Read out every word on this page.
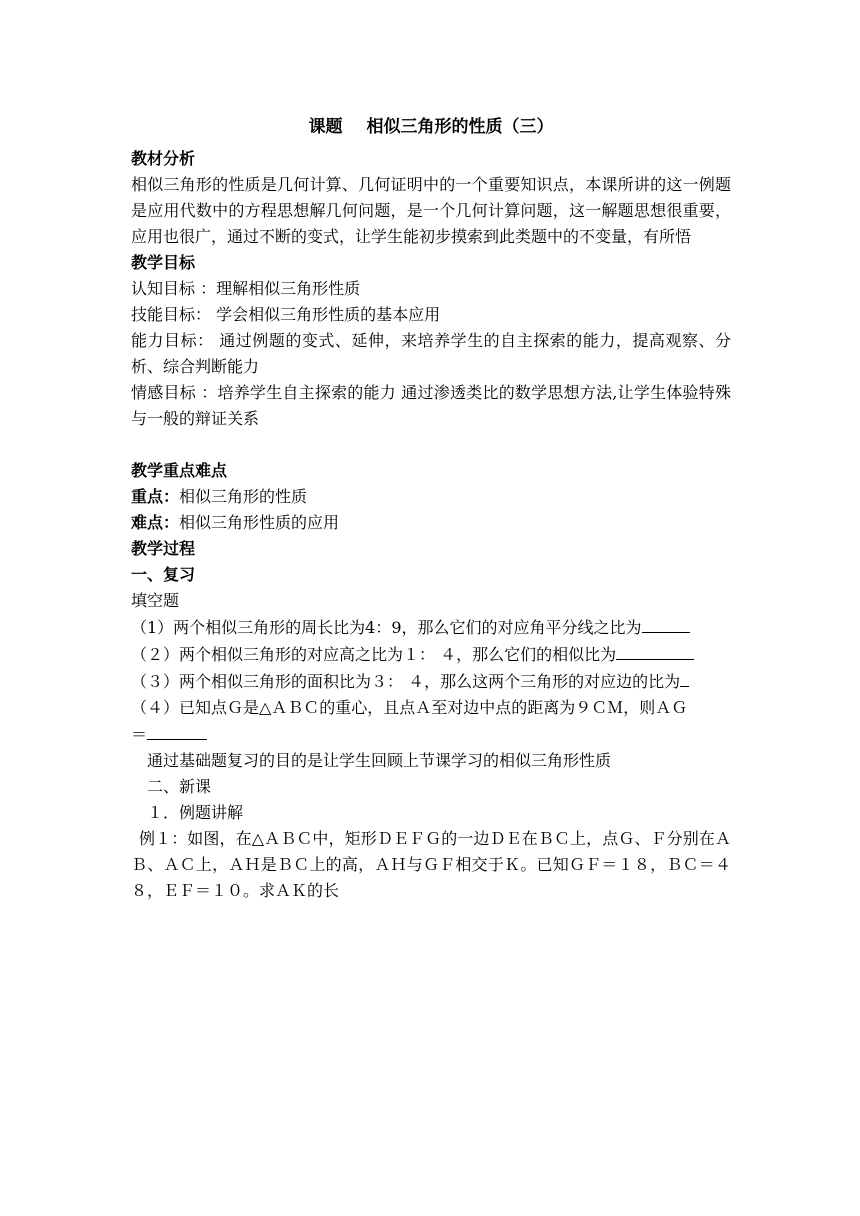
课题 相似三角形的性质（三）
教材分析
相似三角形的性质是几何计算、几何证明中的一个重要知识点，本课所讲的这一例题是应用代数中的方程思想解几何问题，是一个几何计算问题，这一解题思想很重要，应用也很广，通过不断的变式，让学生能初步摸索到此类题中的不变量，有所悟
教学目标
认知目标 ：理解相似三角形性质
技能目标： 学会相似三角形性质的基本应用
能力目标： 通过例题的变式、延伸，来培养学生的自主探索的能力，提高观察、分析、综合判断能力
情感目标 ：培养学生自主探索的能力 通过渗透类比的数学思想方法,让学生体验特殊与一般的辩证关系
教学重点难点
重点：相似三角形的性质
难点：相似三角形性质的应用
教学过程
一、复习
填空题
（1）两个相似三角形的周长比为4：9，那么它们的对应角平分线之比为
（２）两个相似三角形的对应高之比为１： ４，那么它们的相似比为
（３）两个相似三角形的面积比为３： ４，那么这两个三角形的对应边的比为
（４）已知点Ｇ是△ＡＢＣ的重心，且点Ａ至对边中点的距离为９ＣＭ，则ＡＧ
＝
通过基础题复习的目的是让学生回顾上节课学习的相似三角形性质
二、新课
１．例题讲解
例１：如图，在△ＡＢＣ中，矩形ＤＥＦＧ的一边ＤＥ在ＢＣ上，点Ｇ、Ｆ分别在ＡＢ、ＡＣ上，ＡＨ是ＢＣ上的高，ＡＨ与ＧＦ相交于Ｋ。已知ＧＦ＝１８，ＢＣ＝４８，ＥＦ＝１０。求ＡＫ的长
